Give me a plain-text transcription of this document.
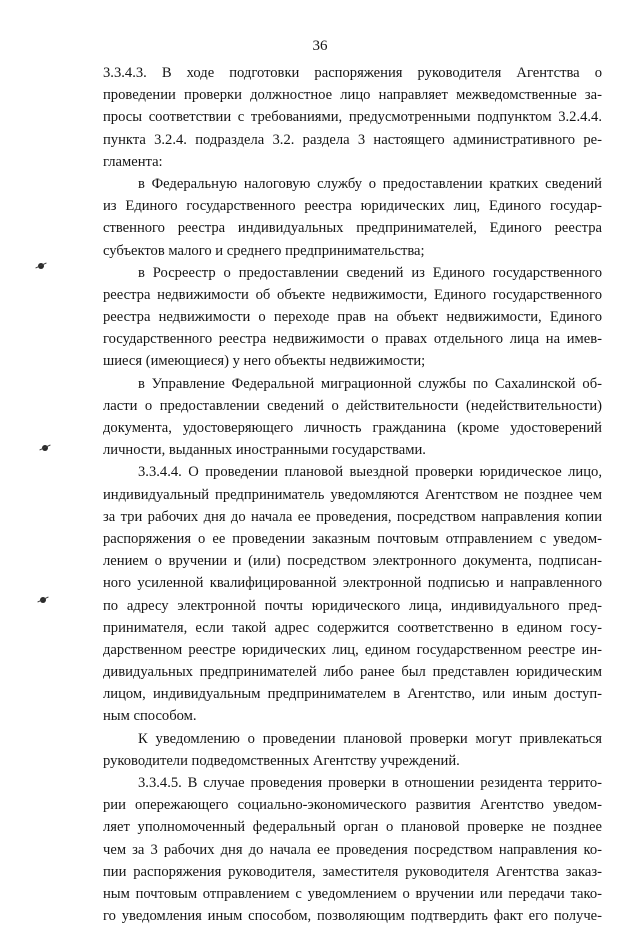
36
3.3.4.3. В ходе подготовки распоряжения руководителя Агентства о
проведении проверки должностное лицо направляет межведомственные за-
просы соответствии с требованиями, предусмотренными подпунктом 3.2.4.4.
пункта 3.2.4. подраздела 3.2. раздела 3 настоящего административного ре-
гламента:
в Федеральную налоговую службу о предоставлении кратких сведений
из Единого государственного реестра юридических лиц, Единого государ-
ственного реестра индивидуальных предпринимателей, Единого реестра
субъектов малого и среднего предпринимательства;
в Росреестр о предоставлении сведений из Единого государственного
реестра недвижимости об объекте недвижимости, Единого государственного
реестра недвижимости о переходе прав на объект недвижимости, Единого
государственного реестра недвижимости о правах отдельного лица на имев-
шиеся (имеющиеся) у него объекты недвижимости;
в Управление Федеральной миграционной службы по Сахалинской об-
ласти о предоставлении сведений о действительности (недействительности)
документа, удостоверяющего личность гражданина (кроме удостоверений
личности, выданных иностранными государствами.
3.3.4.4. О проведении плановой выездной проверки юридическое лицо,
индивидуальный предприниматель уведомляются Агентством не позднее чем
за три рабочих дня до начала ее проведения, посредством направления копии
распоряжения о ее проведении заказным почтовым отправлением с уведом-
лением о вручении и (или) посредством электронного документа, подписан-
ного усиленной квалифицированной электронной подписью и направленного
по адресу электронной почты юридического лица, индивидуального пред-
принимателя, если такой адрес содержится соответственно в едином госу-
дарственном реестре юридических лиц, едином государственном реестре ин-
дивидуальных предпринимателей либо ранее был представлен юридическим
лицом, индивидуальным предпринимателем в Агентство, или иным доступ-
ным способом.
К уведомлению о проведении плановой проверки могут привлекаться
руководители подведомственных Агентству учреждений.
3.3.4.5. В случае проведения проверки в отношении резидента террито-
рии опережающего социально-экономического развития Агентство уведом-
ляет уполномоченный федеральный орган о плановой проверке не позднее
чем за 3 рабочих дня до начала ее проведения посредством направления ко-
пии распоряжения руководителя, заместителя руководителя Агентства заказ-
ным почтовым отправлением с уведомлением о вручении или передачи тако-
го уведомления иным способом, позволяющим подтвердить факт его получе-
